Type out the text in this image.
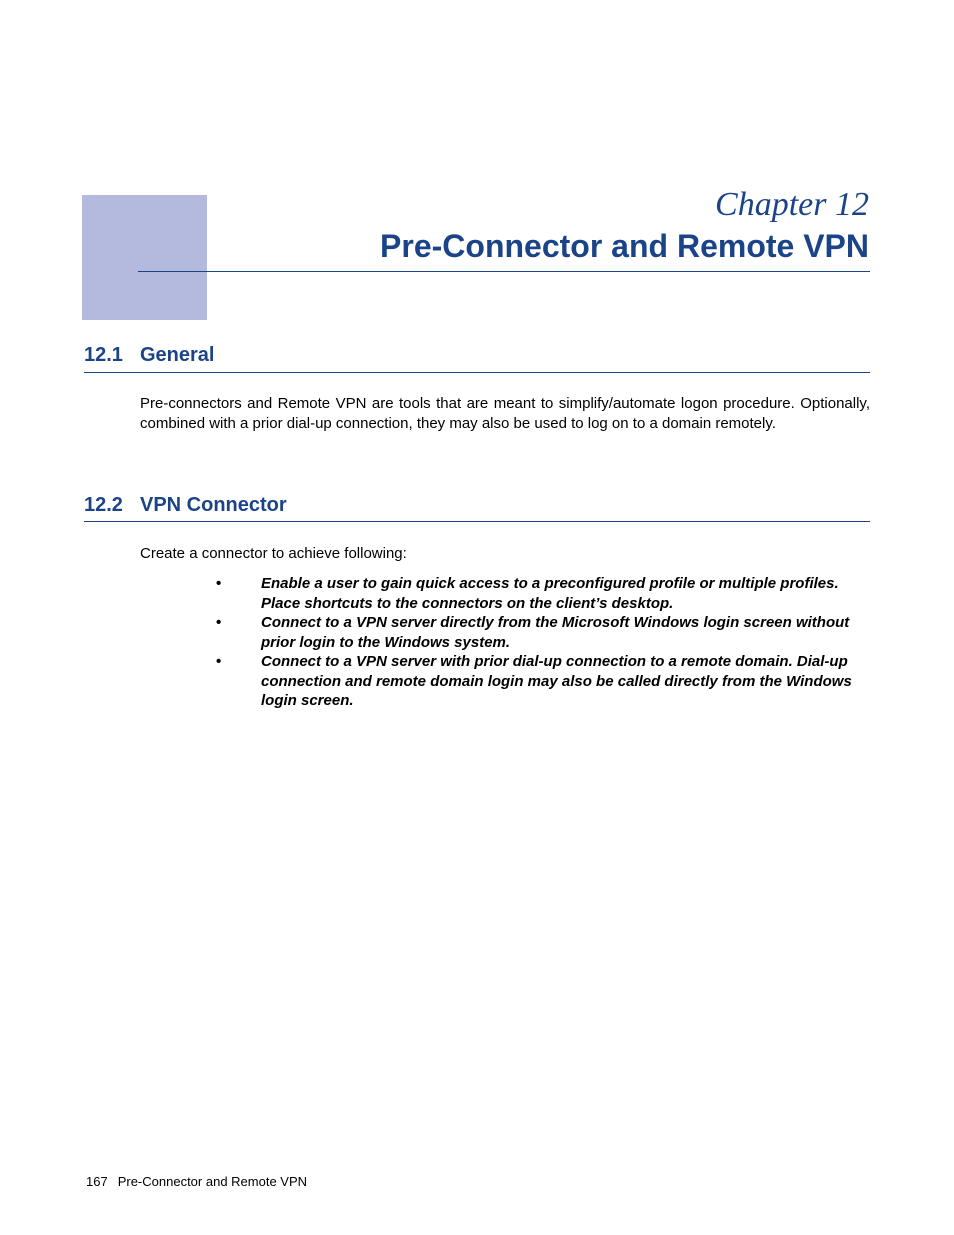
Chapter 12
Pre-Connector and Remote VPN
12.1 General

Pre-connectors and Remote VPN are tools that are meant to simplify/automate logon procedure. Optionally, combined with a prior dial-up connection, they may also be used to log on to a domain remotely.

12.2 VPN Connector

Create a connector to achieve following:

•	Enable a user to gain quick access to a preconfigured profile or multiple profiles. Place shortcuts to the connectors on the client’s desktop.
•	Connect to a VPN server directly from the Microsoft Windows login screen without prior login to the Windows system.
•	Connect to a VPN server with prior dial-up connection to a remote domain. Dial-up connection and remote domain login may also be called directly from the Windows login screen.
167 Pre-Connector and Remote VPN
